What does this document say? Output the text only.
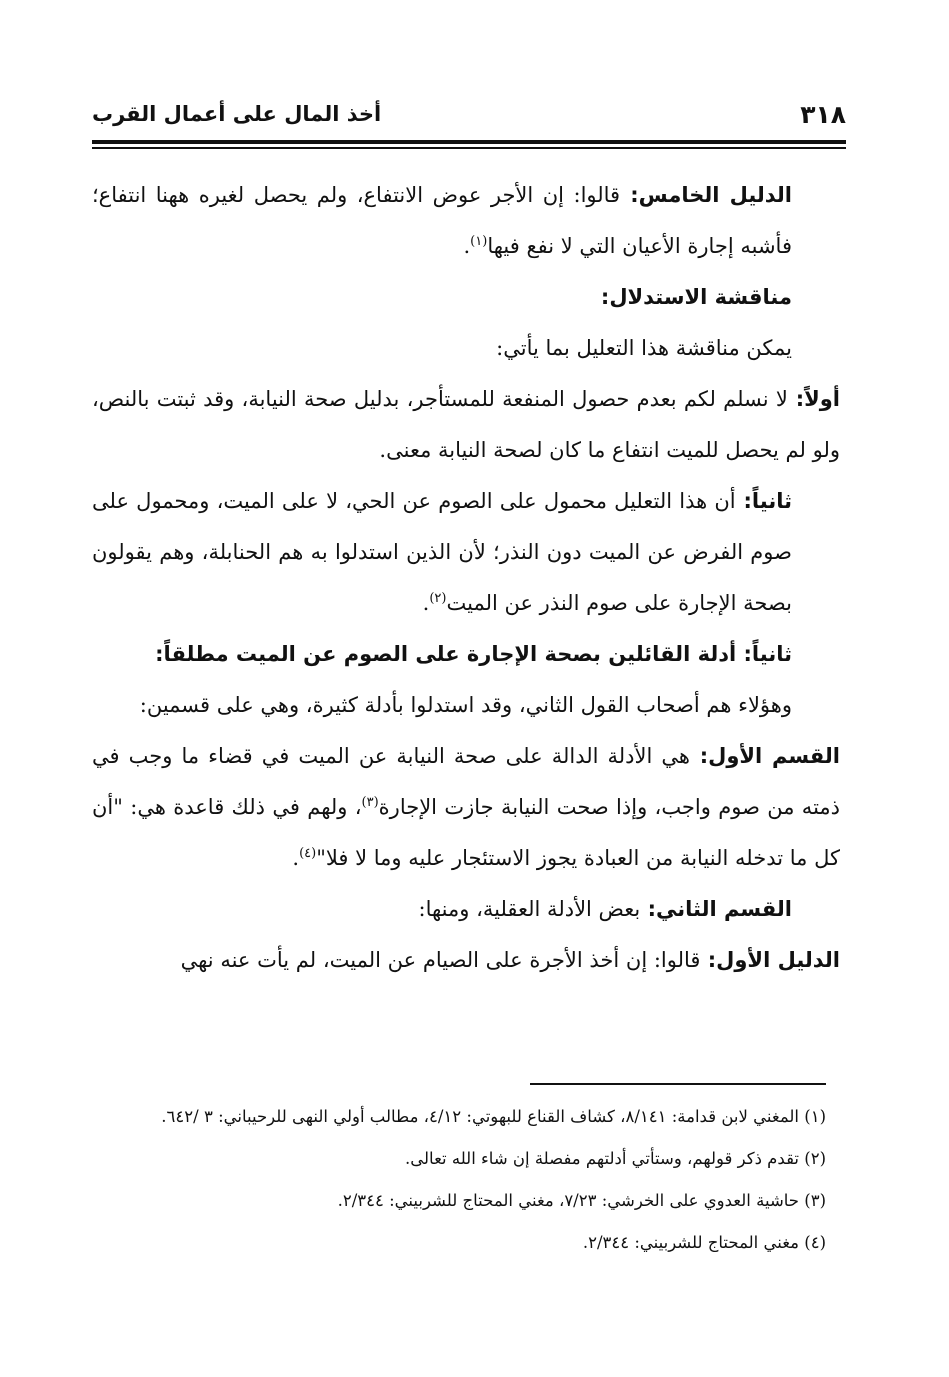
٣١٨
أخذ المال على أعمال القرب

الدليل الخامس: قالوا: إن الأجر عوض الانتفاع، ولم يحصل لغيره ههنا انتفاع؛ فأشبه إجارة الأعيان التي لا نفع فيها$^{(١)}$.

مناقشة الاستدلال:

يمكن مناقشة هذا التعليل بما يأتي:

أولاً: لا نسلم لكم بعدم حصول المنفعة للمستأجر، بدليل صحة النيابة، وقد ثبتت بالنص، ولو لم يحصل للميت انتفاع ما كان لصحة النيابة معنى.

ثانياً: أن هذا التعليل محمول على الصوم عن الحي، لا على الميت، ومحمول على صوم الفرض عن الميت دون النذر؛ لأن الذين استدلوا به هم الحنابلة، وهم يقولون بصحة الإجارة على صوم النذر عن الميت$^{(٢)}$.

ثانياً: أدلة القائلين بصحة الإجارة على الصوم عن الميت مطلقاً:

وهؤلاء هم أصحاب القول الثاني، وقد استدلوا بأدلة كثيرة، وهي على قسمين:

القسم الأول: هي الأدلة الدالة على صحة النيابة عن الميت في قضاء ما وجب في ذمته من صوم واجب، وإذا صحت النيابة جازت الإجارة$^{(٣)}$، ولهم في ذلك قاعدة هي: "أن كل ما تدخله النيابة من العبادة يجوز الاستئجار عليه وما لا فلا"$^{(٤)}$.

القسم الثاني: بعض الأدلة العقلية، ومنها:

الدليل الأول: قالوا: إن أخذ الأجرة على الصيام عن الميت، لم يأت عنه نهي

(١) المغني لابن قدامة: ٨/١٤١، كشاف القناع للبهوتي: ٤/١٢، مطالب أولي النهى للرحيباني: ٣ /٦٤٢.

(٢) تقدم ذكر قولهم، وستأتي أدلتهم مفصلة إن شاء الله تعالى.

(٣) حاشية العدوي على الخرشي: ٧/٢٣، مغني المحتاج للشربيني: ٢/٣٤٤.

(٤) مغني المحتاج للشربيني: ٢/٣٤٤.
